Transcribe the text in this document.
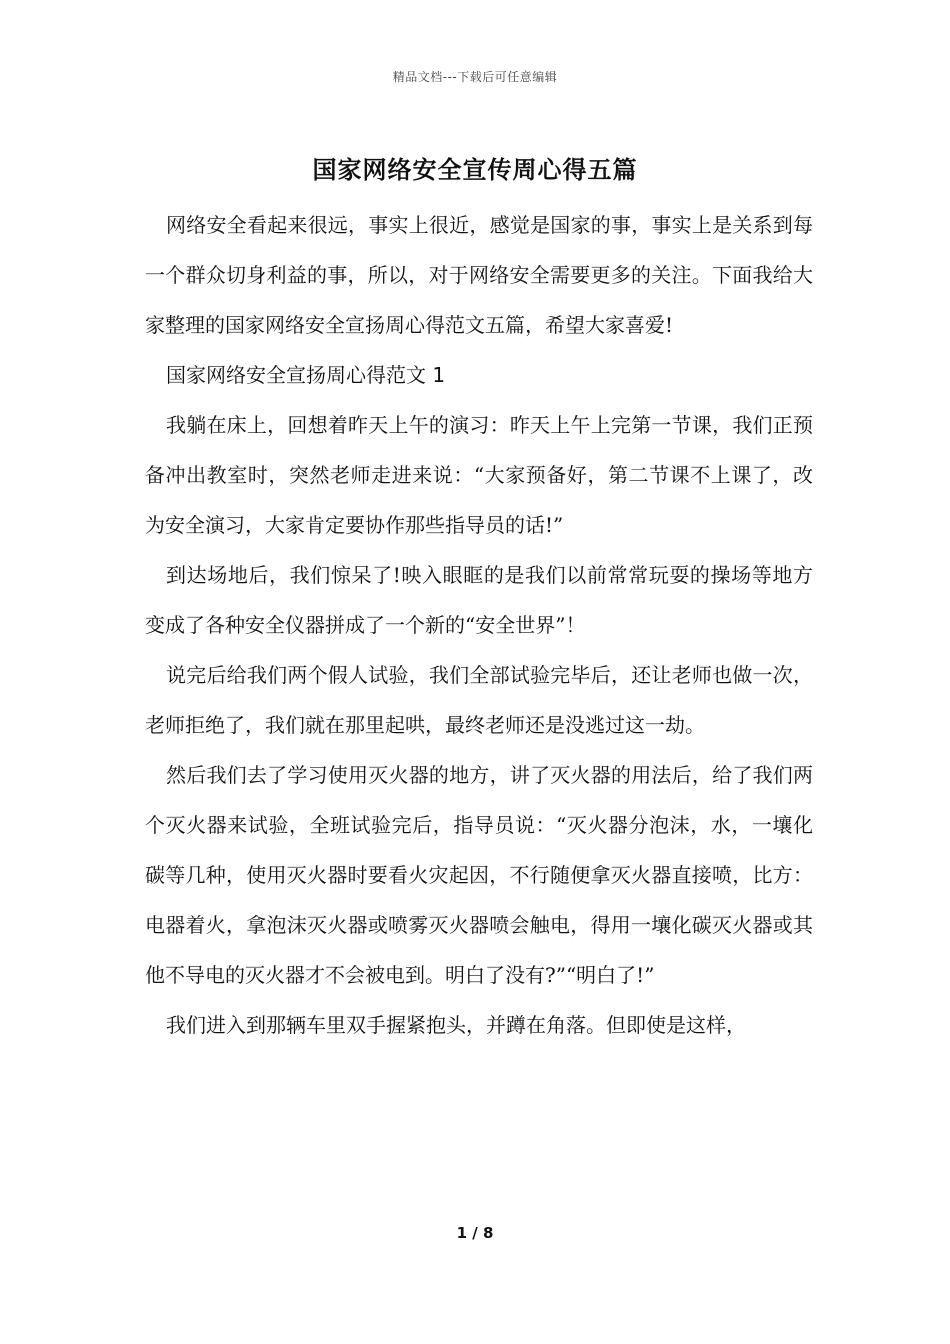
精品文档---下载后可任意编辑
国家网络安全宣传周心得五篇

网络安全看起来很远，事实上很近，感觉是国家的事，事实上是关系到每一个群众切身利益的事，所以，对于网络安全需要更多的关注。下面我给大家整理的国家网络安全宣扬周心得范文五篇，希望大家喜爱!

国家网络安全宣扬周心得范文 1

我躺在床上，回想着昨天上午的演习：昨天上午上完第一节课，我们正预备冲出教室时，突然老师走进来说：“大家预备好，第二节课不上课了，改为安全演习，大家肯定要协作那些指导员的话!”

到达场地后，我们惊呆了!映入眼眶的是我们以前常常玩耍的操场等地方变成了各种安全仪器拼成了一个新的“安全世界”！

说完后给我们两个假人试验，我们全部试验完毕后，还让老师也做一次，老师拒绝了，我们就在那里起哄，最终老师还是没逃过这一劫。

然后我们去了学习使用灭火器的地方，讲了灭火器的用法后，给了我们两个灭火器来试验，全班试验完后，指导员说：“灭火器分泡沫，水，一壤化碳等几种，使用灭火器时要看火灾起因，不行随便拿灭火器直接喷，比方：电器着火，拿泡沫灭火器或喷雾灭火器喷会触电，得用一壤化碳灭火器或其他不导电的灭火器才不会被电到。明白了没有?”“明白了!”

我们进入到那辆车里双手握紧抱头，并蹲在角落。但即使是这样，

1 / 8
